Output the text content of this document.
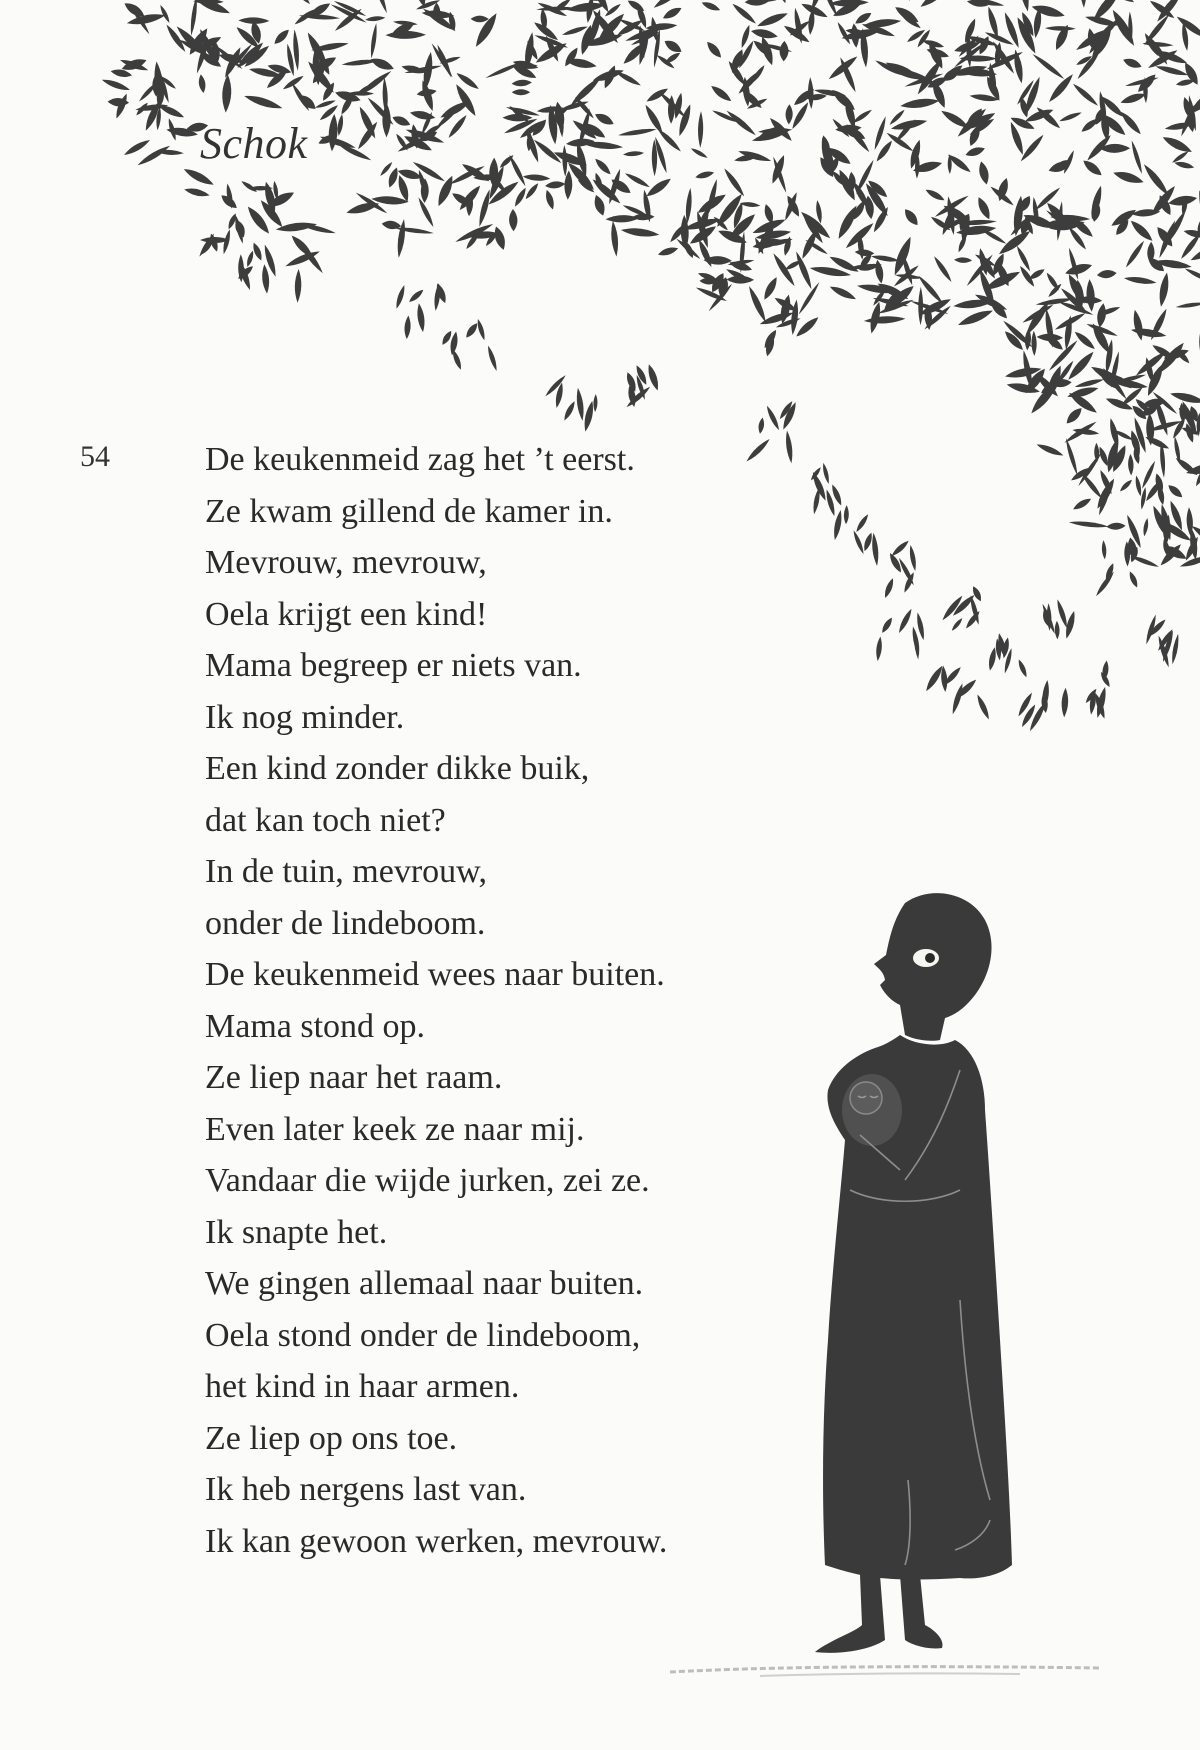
Schok
54	De keukenmeid zag het ’t eerst.
Ze kwam gillend de kamer in.
Mevrouw, mevrouw,
Oela krijgt een kind!
Mama begreep er niets van.
Ik nog minder.
Een kind zonder dikke buik,
dat kan toch niet?
In de tuin, mevrouw,
onder de lindeboom.
De keukenmeid wees naar buiten.
Mama stond op.
Ze liep naar het raam.
Even later keek ze naar mij.
Vandaar die wijde jurken, zei ze.
Ik snapte het.
We gingen allemaal naar buiten.
Oela stond onder de lindeboom,
het kind in haar armen.
Ze liep op ons toe.
Ik heb nergens last van.
Ik kan gewoon werken, mevrouw.
